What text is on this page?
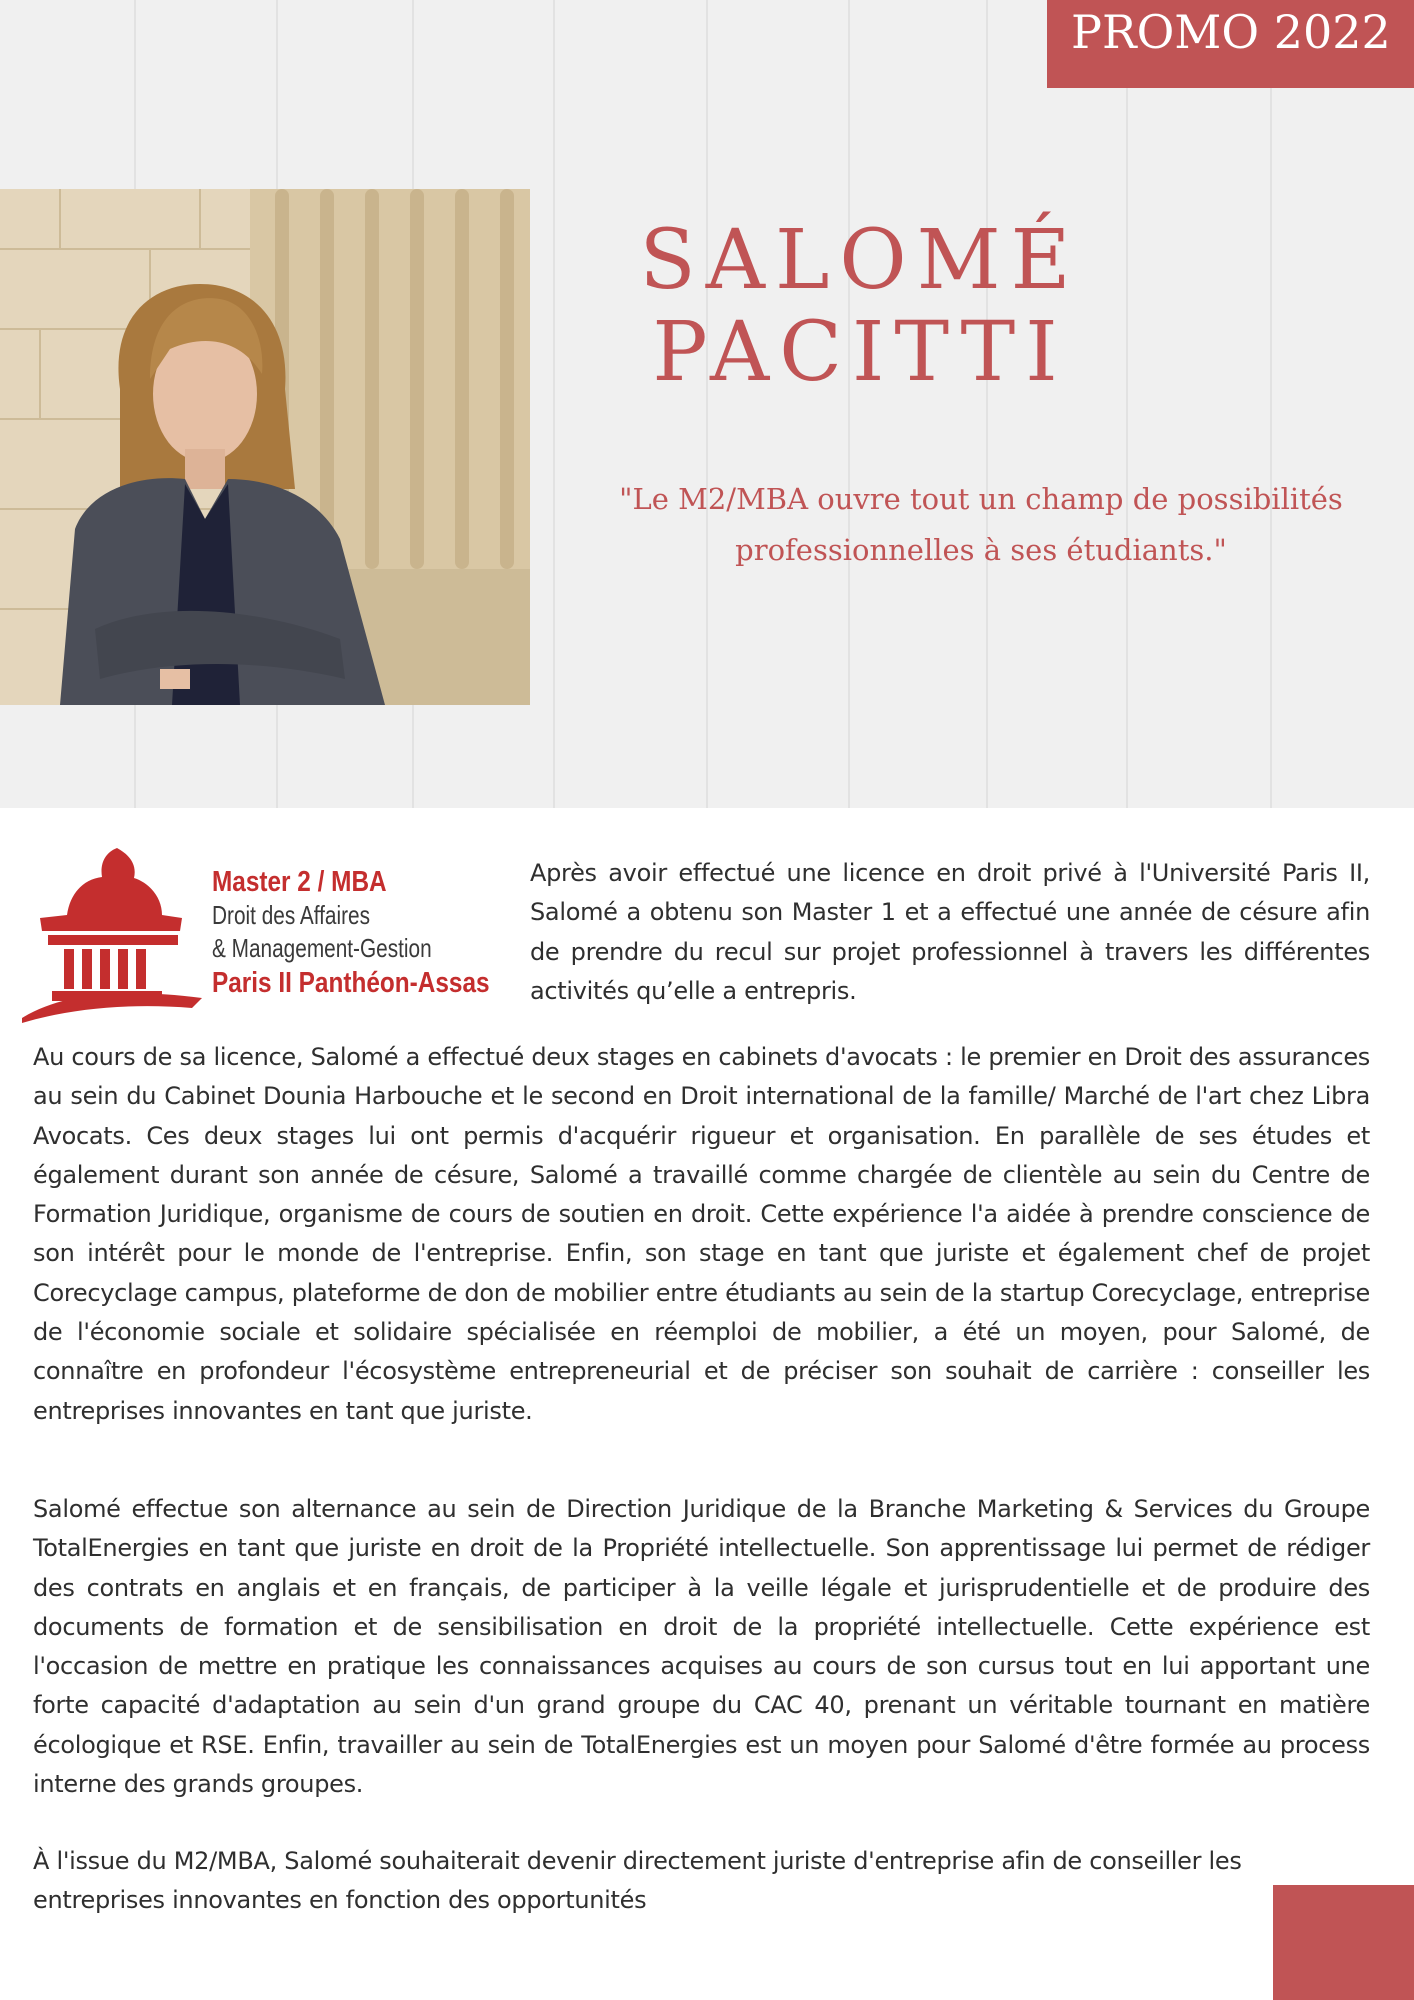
PROMO 2022
SALOMÉ
PACITTI
"Le M2/MBA ouvre tout un champ de possibilités
professionnelles à ses étudiants."
Master 2 / MBA
Droit des Affaires
& Management-Gestion
Paris II Panthéon-Assas

Après avoir effectué une licence en droit privé à l'Université Paris II, Salomé a obtenu son Master 1 et a effectué une année de césure afin de prendre du recul sur projet professionnel à travers les différentes activités qu’elle a entrepris.

Au cours de sa licence, Salomé a effectué deux stages en cabinets d'avocats : le premier en Droit des assurances au sein du Cabinet Dounia Harbouche et le second en Droit international de la famille/ Marché de l'art chez Libra Avocats. Ces deux stages lui ont permis d'acquérir rigueur et organisation. En parallèle de ses études et également durant son année de césure, Salomé a travaillé comme chargée de clientèle au sein du Centre de Formation Juridique, organisme de cours de soutien en droit. Cette expérience l'a aidée à prendre conscience de son intérêt pour le monde de l'entreprise. Enfin, son stage en tant que juriste et également chef de projet Corecyclage campus, plateforme de don de mobilier entre étudiants au sein de la startup Corecyclage, entreprise de l'économie sociale et solidaire spécialisée en réemploi de mobilier, a été un moyen, pour Salomé, de connaître en profondeur l'écosystème entrepreneurial et de préciser son souhait de carrière : conseiller les entreprises innovantes en tant que juriste.

Salomé effectue son alternance au sein de Direction Juridique de la Branche Marketing & Services du Groupe TotalEnergies en tant que juriste en droit de la Propriété intellectuelle. Son apprentissage lui permet de rédiger des contrats en anglais et en français, de participer à la veille légale et jurisprudentielle et de produire des documents de formation et de sensibilisation en droit de la propriété intellectuelle. Cette expérience est l'occasion de mettre en pratique les connaissances acquises au cours de son cursus tout en lui apportant une forte capacité d'adaptation au sein d'un grand groupe du CAC 40, prenant un véritable tournant en matière écologique et RSE. Enfin, travailler au sein de TotalEnergies est un moyen pour Salomé d'être formée au process interne des grands groupes.

À l'issue du M2/MBA, Salomé souhaiterait devenir directement juriste d'entreprise afin de conseiller les entreprises innovantes en fonction des opportunités
